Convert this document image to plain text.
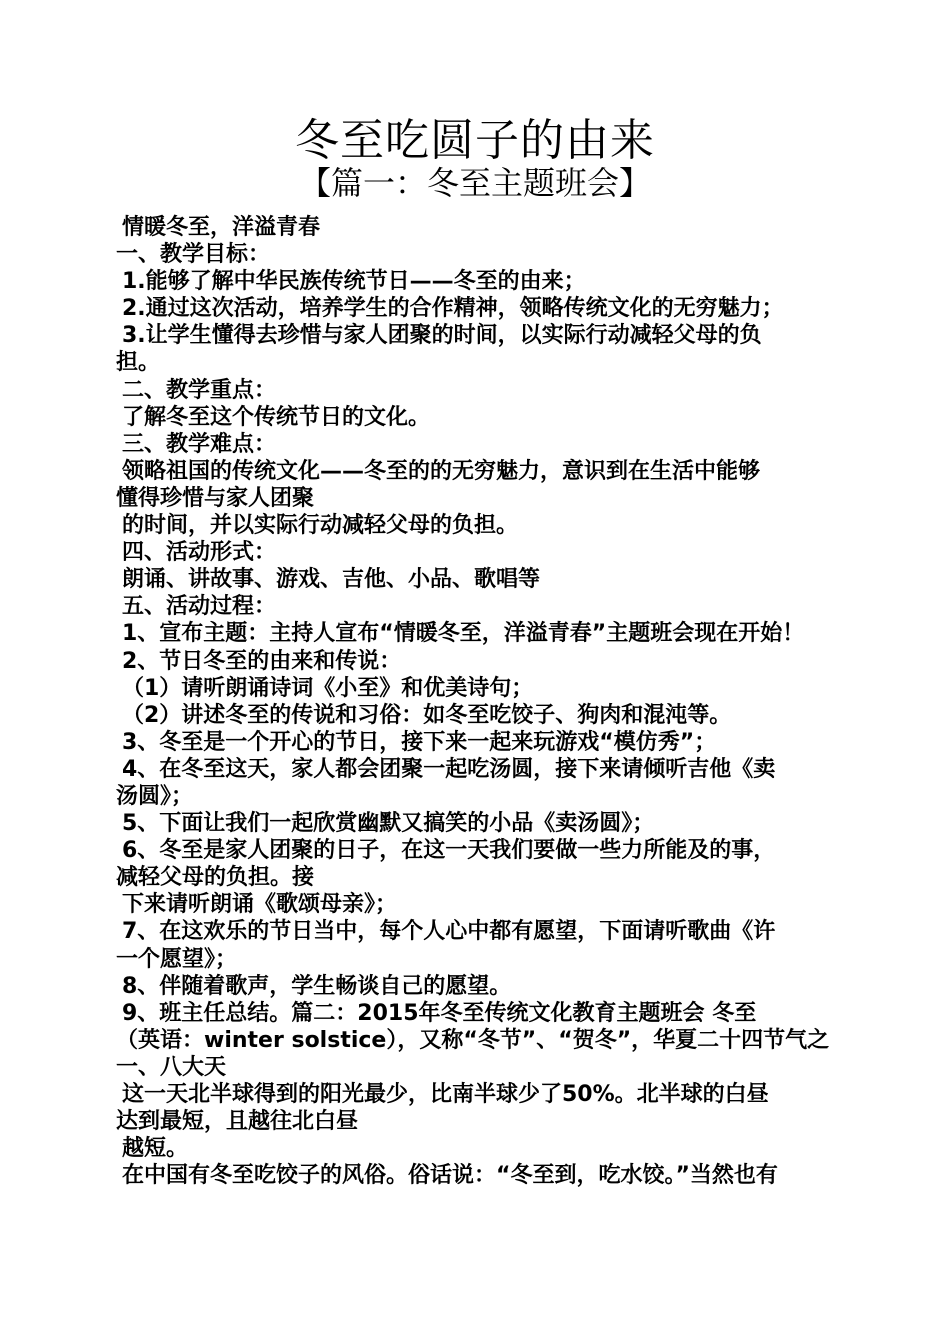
冬至吃圆子的由来
【篇一：冬至主题班会】
情暖冬至，洋溢青春
一、教学目标：
1.能够了解中华民族传统节日——冬至的由来；
2.通过这次活动，培养学生的合作精神，领略传统文化的无穷魅力；
3.让学生懂得去珍惜与家人团聚的时间，以实际行动减轻父母的负
担。
二、教学重点：
了解冬至这个传统节日的文化。
三、教学难点：
领略祖国的传统文化——冬至的的无穷魅力，意识到在生活中能够
懂得珍惜与家人团聚
的时间，并以实际行动减轻父母的负担。
四、活动形式：
朗诵、讲故事、游戏、吉他、小品、歌唱等
五、活动过程：
1、宣布主题：主持人宣布“情暖冬至，洋溢青春”主题班会现在开始！
2、节日冬至的由来和传说：
（1）请听朗诵诗词《小至》和优美诗句；
（2）讲述冬至的传说和习俗：如冬至吃饺子、狗肉和混沌等。
3、冬至是一个开心的节日，接下来一起来玩游戏“模仿秀”；
4、在冬至这天，家人都会团聚一起吃汤圆，接下来请倾听吉他《卖
汤圆》；
5、下面让我们一起欣赏幽默又搞笑的小品《卖汤圆》；
6、冬至是家人团聚的日子，在这一天我们要做一些力所能及的事，
减轻父母的负担。接
下来请听朗诵《歌颂母亲》；
7、在这欢乐的节日当中，每个人心中都有愿望，下面请听歌曲《许
一个愿望》；
8、伴随着歌声，学生畅谈自己的愿望。
9、班主任总结。篇二：2015年冬至传统文化教育主题班会 冬至
（英语：winter solstice），又称“冬节”、“贺冬”，华夏二十四节气之
一、八大天
这一天北半球得到的阳光最少，比南半球少了50%。北半球的白昼
达到最短，且越往北白昼
越短。
在中国有冬至吃饺子的风俗。俗话说：“冬至到，吃水饺。”当然也有
